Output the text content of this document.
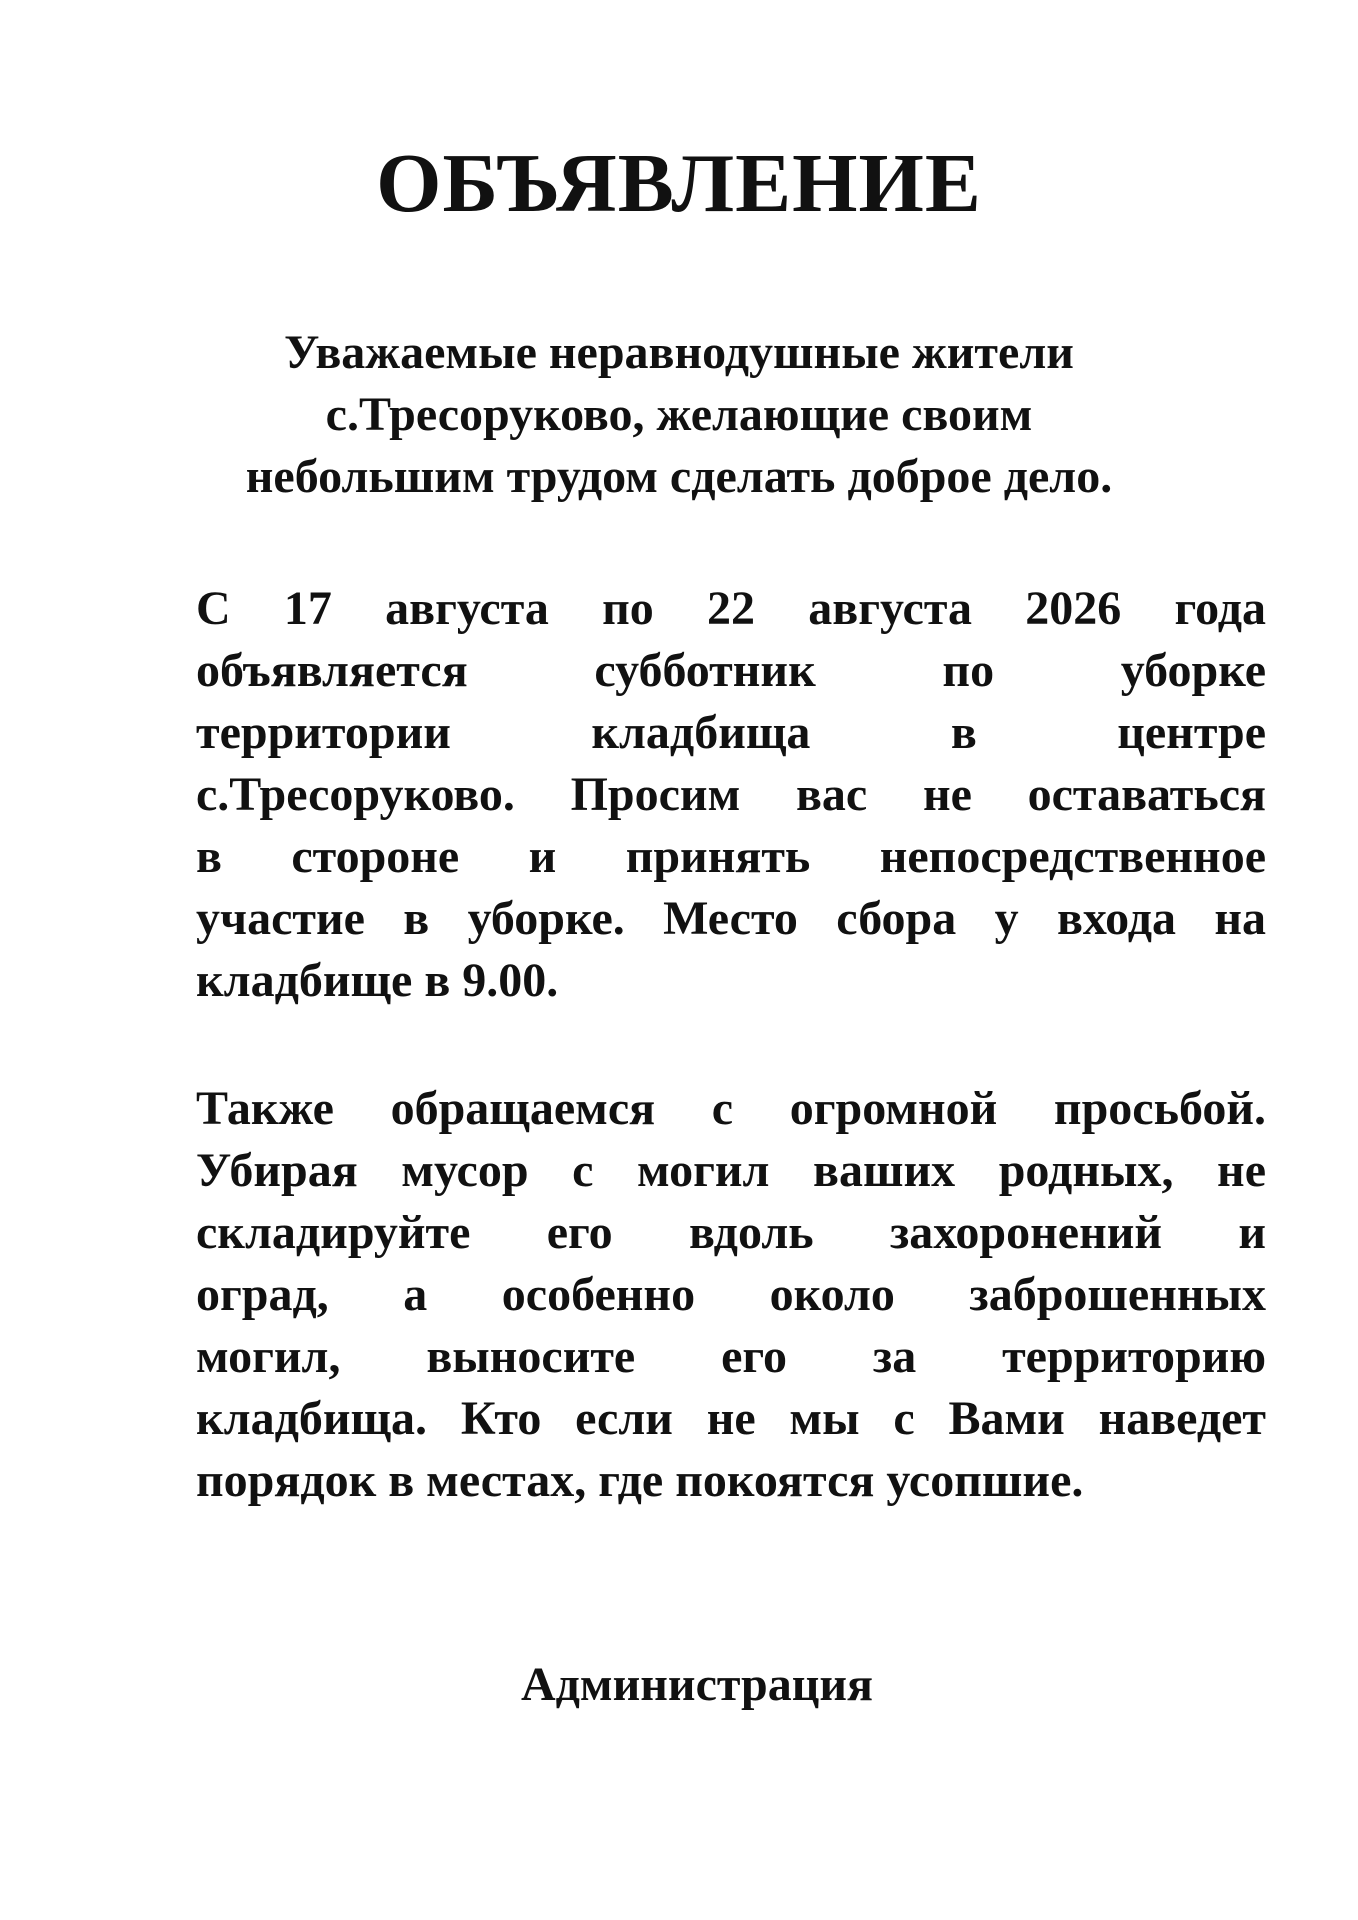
ОБЪЯВЛЕНИЕ

Уважаемые неравнодушные жители
с.Тресоруково, желающие своим
небольшим трудом сделать доброе дело.

С 17 августа по 22 августа 2026 года
объявляется субботник по уборке
территории кладбища в центре
с.Тресоруково. Просим вас не оставаться
в стороне и принять непосредственное
участие в уборке. Место сбора у входа на
кладбище в 9.00.

Также обращаемся с огромной просьбой.
Убирая мусор с могил ваших родных, не
складируйте его вдоль захоронений и
оград, а особенно около заброшенных
могил, выносите его за территорию
кладбища. Кто если не мы с Вами наведет
порядок в местах, где покоятся усопшие.

Администрация
